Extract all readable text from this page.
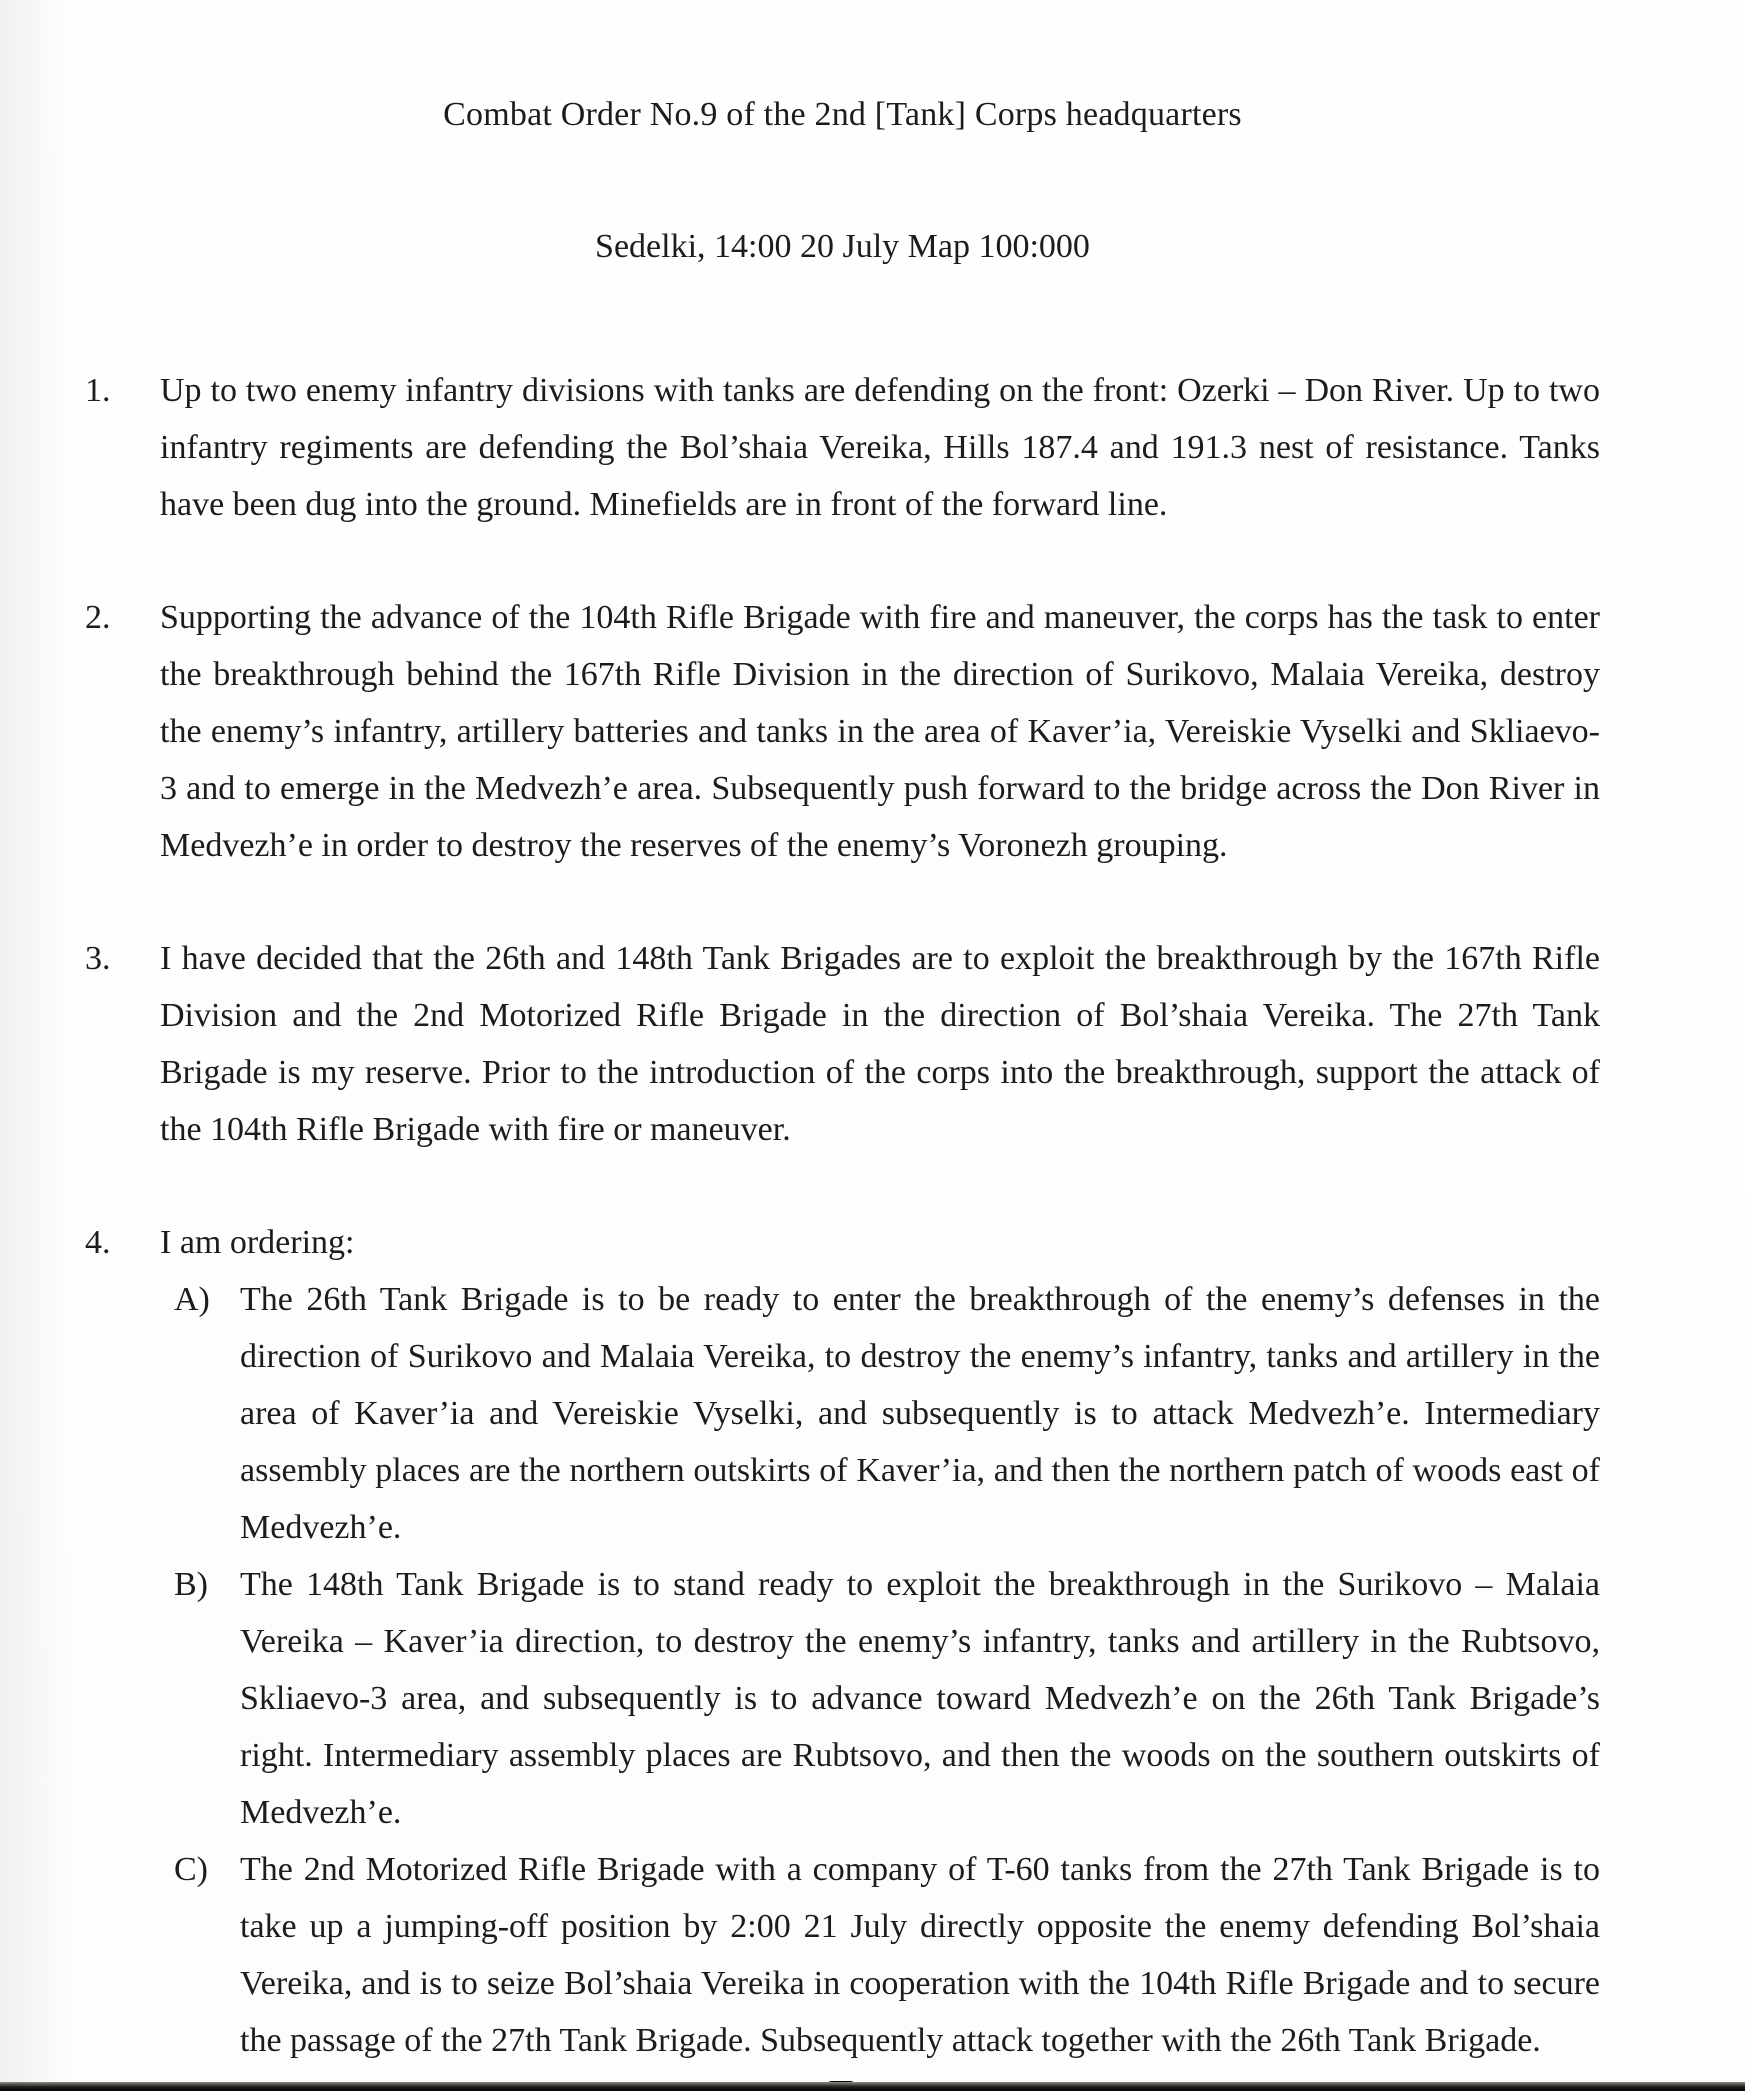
Combat Order No.9 of the 2nd [Tank] Corps headquarters
Sedelki, 14:00 20 July Map 100:000
1.	Up to two enemy infantry divisions with tanks are defending on the front: Ozerki – Don River. Up to two infantry regiments are defending the Bol’shaia Vereika, Hills 187.4 and 191.3 nest of resistance. Tanks have been dug into the ground. Minefields are in front of the forward line.
2.	Supporting the advance of the 104th Rifle Brigade with fire and maneuver, the corps has the task to enter the breakthrough behind the 167th Rifle Division in the direction of Surikovo, Malaia Vereika, destroy the enemy’s infantry, artillery batteries and tanks in the area of Kaver’ia, Vereiskie Vyselki and Skliaevo-3 and to emerge in the Medvezh’e area. Subsequently push forward to the bridge across the Don River in Medvezh’e in order to destroy the reserves of the enemy’s Voronezh grouping.
3.	I have decided that the 26th and 148th Tank Brigades are to exploit the breakthrough by the 167th Rifle Division and the 2nd Motorized Rifle Brigade in the direction of Bol’shaia Vereika. The 27th Tank Brigade is my reserve. Prior to the introduction of the corps into the breakthrough, support the attack of the 104th Rifle Brigade with fire or maneuver.
4.	I am ordering:
A) The 26th Tank Brigade is to be ready to enter the breakthrough of the enemy’s defenses in the direction of Surikovo and Malaia Vereika, to destroy the enemy’s infantry, tanks and artillery in the area of Kaver’ia and Vereiskie Vyselki, and subsequently is to attack Medvezh’e. Intermediary assembly places are the northern outskirts of Kaver’ia, and then the northern patch of woods east of Medvezh’e.
B) The 148th Tank Brigade is to stand ready to exploit the breakthrough in the Surikovo – Malaia Vereika – Kaver’ia direction, to destroy the enemy’s infantry, tanks and artillery in the Rubtsovo, Skliaevo-3 area, and subsequently is to advance toward Medvezh’e on the 26th Tank Brigade’s right. Intermediary assembly places are Rubtsovo, and then the woods on the southern outskirts of Medvezh’e.
C) The 2nd Motorized Rifle Brigade with a company of T-60 tanks from the 27th Tank Brigade is to take up a jumping-off position by 2:00 21 July directly opposite the enemy defending Bol’shaia Vereika, and is to seize Bol’shaia Vereika in cooperation with the 104th Rifle Brigade and to secure the passage of the 27th Tank Brigade. Subsequently attack together with the 26th Tank Brigade.
